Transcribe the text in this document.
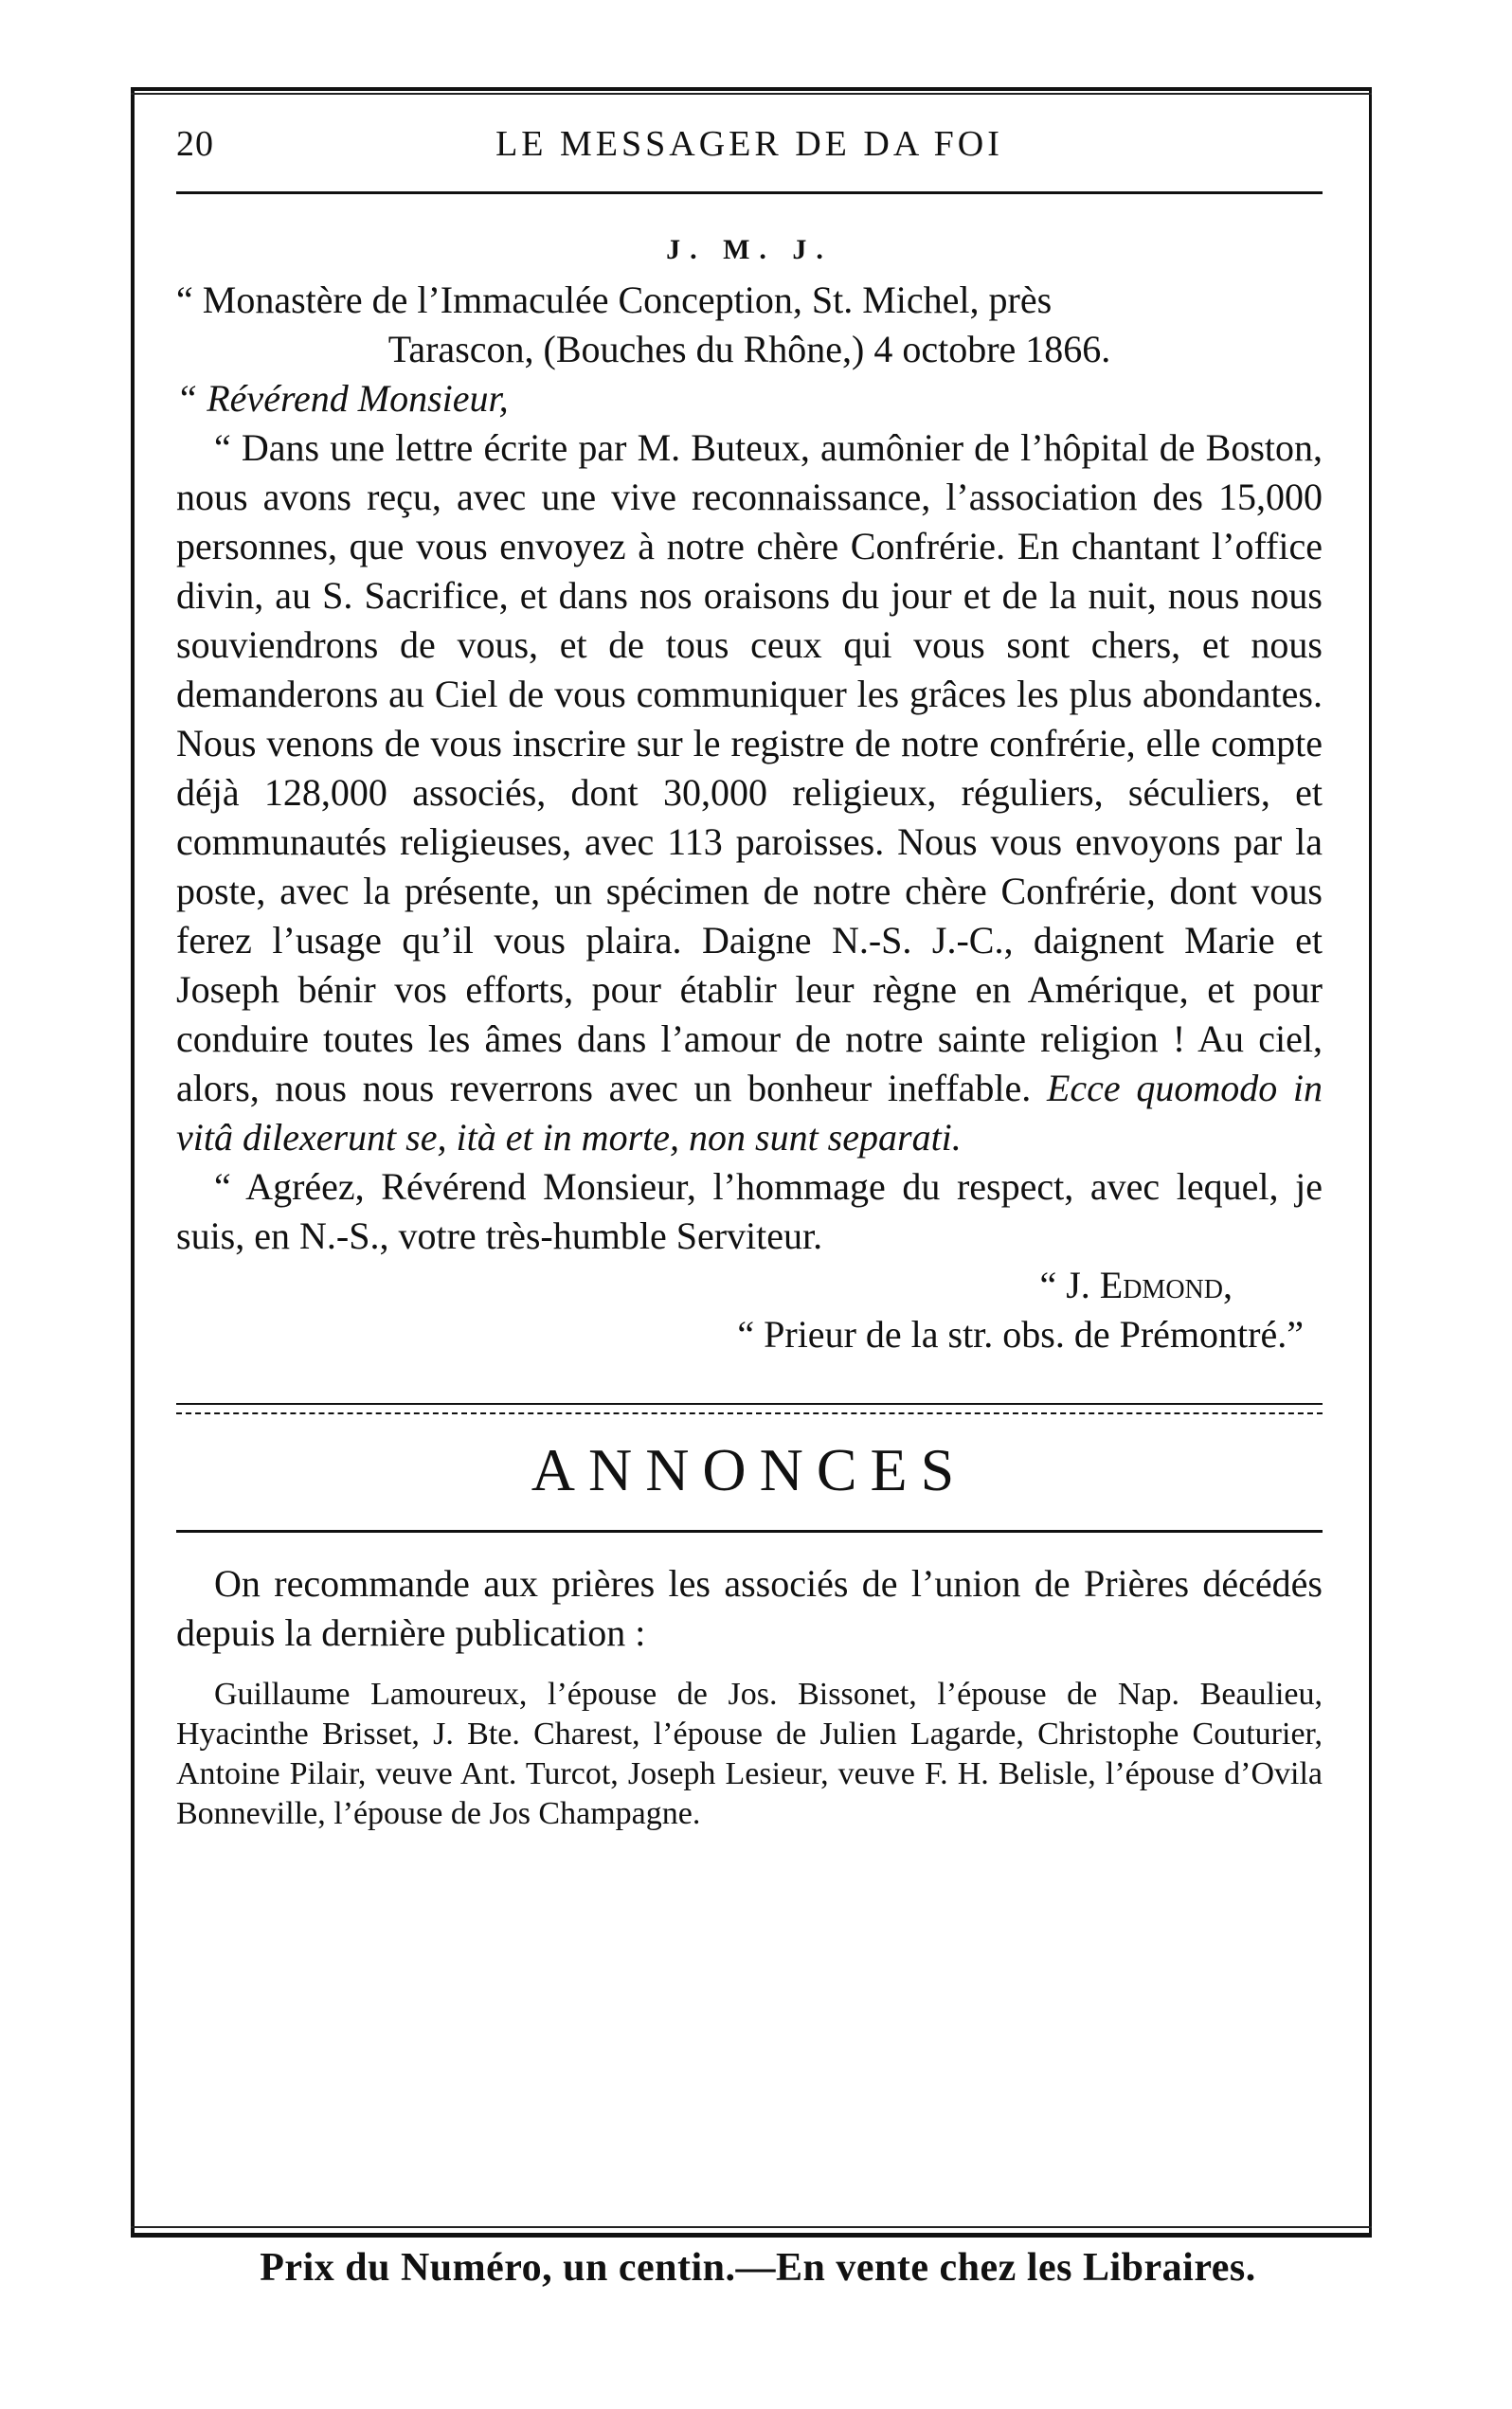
20	LE MESSAGER DE DA FOI
J. M. J.

“ Monastère de l’Immaculée Conception, St. Michel, près

Tarascon, (Bouches du Rhône,) 4 octobre 1866.

“ Révérend Monsieur,

“ Dans une lettre écrite par M. Buteux, aumônier de l’hôpital de Boston, nous avons reçu, avec une vive reconnaissance, l’association des 15,000 personnes, que vous envoyez à notre chère Confrérie. En chantant l’office divin, au S. Sacrifice, et dans nos oraisons du jour et de la nuit, nous nous souviendrons de vous, et de tous ceux qui vous sont chers, et nous demanderons au Ciel de vous communiquer les grâces les plus abondantes. Nous venons de vous inscrire sur le registre de notre confrérie, elle compte déjà 128,000 associés, dont 30,000 religieux, réguliers, séculiers, et communautés religieuses, avec 113 paroisses. Nous vous envoyons par la poste, avec la présente, un spécimen de notre chère Confrérie, dont vous ferez l’usage qu’il vous plaira. Daigne N.-S. J.-C., daignent Marie et Joseph bénir vos efforts, pour établir leur règne en Amérique, et pour conduire toutes les âmes dans l’amour de notre sainte religion ! Au ciel, alors, nous nous reverrons avec un bonheur ineffable. Ecce quomodo in vitâ dilexerunt se, ità et in morte, non sunt separati.

“ Agréez, Révérend Monsieur, l’hommage du respect, avec lequel, je suis, en N.-S., votre très-humble Serviteur.

“ J. Edmond,

“ Prieur de la str. obs. de Prémontré.”

ANNONCES

On recommande aux prières les associés de l’union de Prières décédés depuis la dernière publication :

Guillaume Lamoureux, l’épouse de Jos. Bissonet, l’épouse de Nap. Beaulieu, Hyacinthe Brisset, J. Bte. Charest, l’épouse de Julien Lagarde, Christophe Couturier, Antoine Pilair, veuve Ant. Turcot, Joseph Lesieur, veuve F. H. Belisle, l’épouse d’Ovila Bonneville, l’épouse de Jos Champagne.

Prix du Numéro, un centin.—En vente chez les Libraires.
